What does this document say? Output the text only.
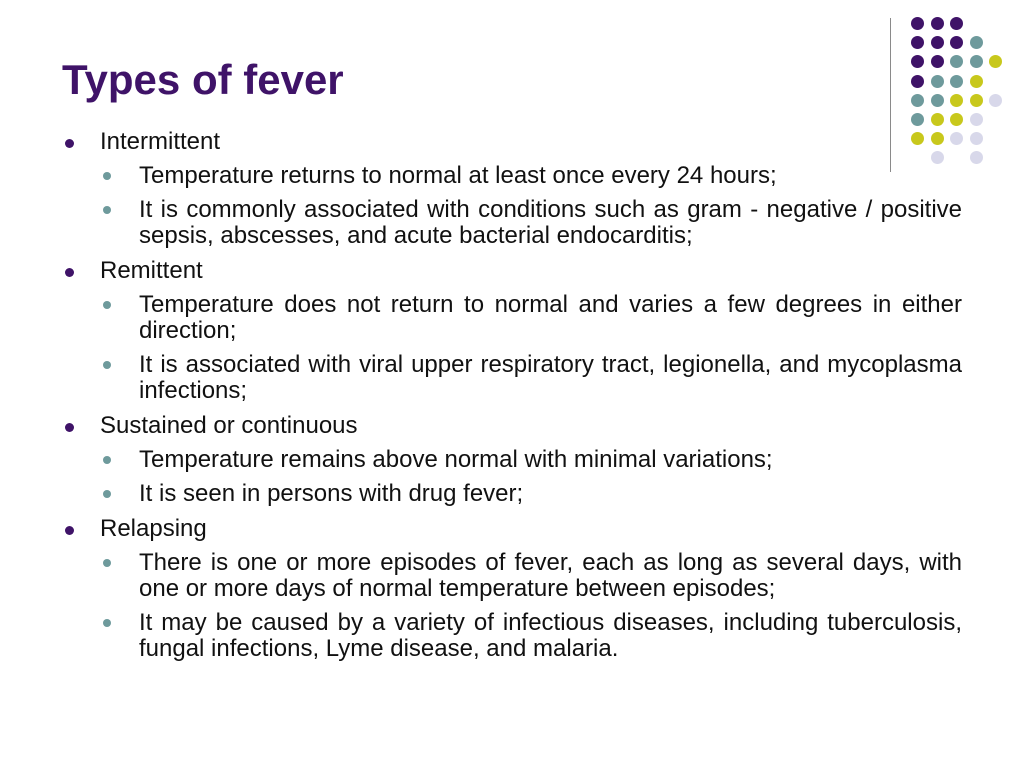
Types of fever
Intermittent
Temperature returns to normal at least once every 24 hours;
It is commonly associated with conditions such as gram - negative / positive sepsis, abscesses, and acute bacterial endocarditis;
Remittent
Temperature does not return to normal and varies a few degrees in either direction;
It is associated with viral upper respiratory tract, legionella, and mycoplasma infections;
Sustained or continuous
Temperature remains above normal with minimal variations;
It is seen in persons with drug fever;
Relapsing
There is one or more episodes of fever, each as long as several days, with one or more days of normal temperature between episodes;
It may be caused by a variety of infectious diseases, including tuberculosis, fungal infections, Lyme disease, and malaria.
